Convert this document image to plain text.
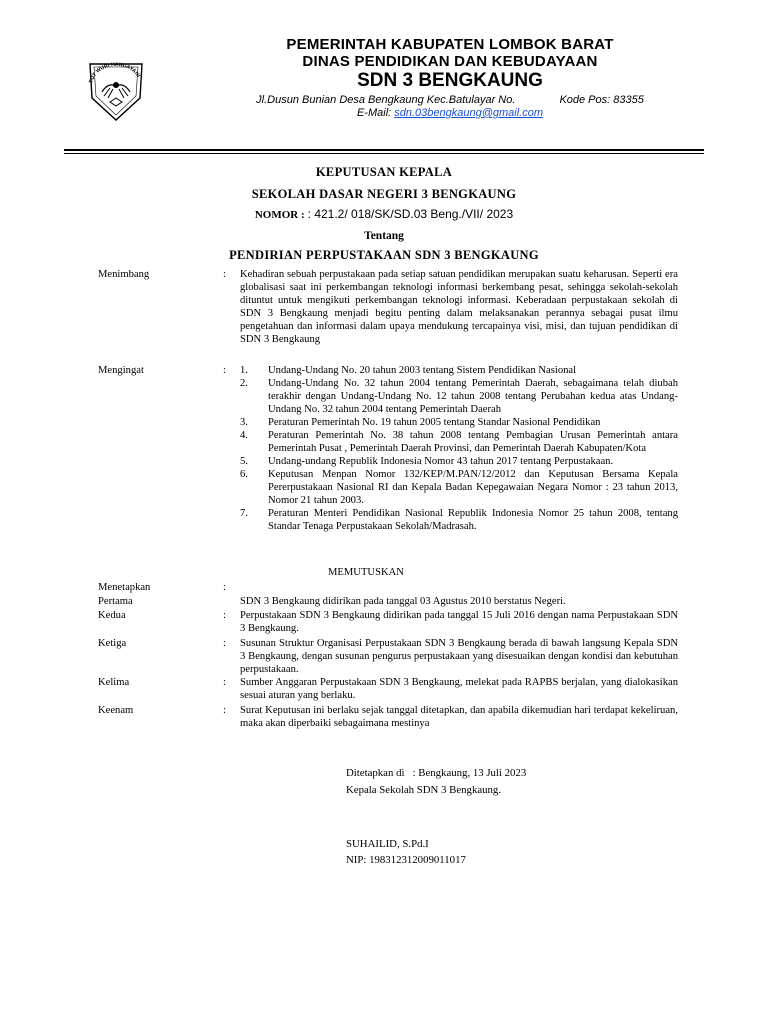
TUT WURI HANDAYANI
PEMERINTAH KABUPATEN LOMBOK BARAT
DINAS PENDIDIKAN DAN KEBUDAYAAN
SDN 3 BENGKAUNG
Jl.Dusun Bunian Desa Bengkaung Kec.Batulayar No.	Kode Pos: 83355
E-Mail: sdn.03bengkaung@gmail.com
KEPUTUSAN KEPALA
SEKOLAH DASAR NEGERI 3 BENGKAUNG
NOMOR : : 421.2/ 018/SK/SD.03 Beng./VII/ 2023
Tentang
PENDIRIAN PERPUSTAKAAN SDN 3 BENGKAUNG
Menimbang	: Kehadiran sebuah perpustakaan pada setiap satuan pendidikan merupakan suatu keharusan. Seperti era globalisasi saat ini perkembangan teknologi informasi berkembang pesat, sehingga sekolah-sekolah dituntut untuk mengikuti perkembangan teknologi informasi. Keberadaan perpustakaan sekolah di SDN 3 Bengkaung menjadi begitu penting dalam melaksanakan perannya sebagai pusat ilmu pengetahuan dan informasi dalam upaya mendukung tercapainya visi, misi, dan tujuan pendidikan di SDN 3 Bengkaung
Mengingat	: 1. Undang-Undang No. 20 tahun 2003 tentang Sistem Pendidikan Nasional
2. Undang-Undang No. 32 tahun 2004 tentang Pemerintah Daerah, sebagaimana telah diubah terakhir dengan Undang-Undang No. 12 tahun 2008 tentang Perubahan kedua atas Undang-Undang No. 32 tahun 2004 tentang Pemerintah Daerah
3. Peraturan Pemerintah No. 19 tahun 2005 tentang Standar Nasional Pendidikan
4. Peraturan Pemerintah No. 38 tahun 2008 tentang Pembagian Urusan Pemerintah antara Pemerintah Pusat , Pemerintah Daerah Provinsi, dan Pemerintah Daerah Kabupaten/Kota
5. Undang-undang Republik Indonesia Nomor 43 tahun 2017 tentang Perpustakaan.
6. Keputusan Menpan Nomor 132/KEP/M.PAN/12/2012 dan Keputusan Bersama Kepala Pererpustakaan Nasional RI dan Kepala Badan Kepegawaian Negara Nomor : 23 tahun 2013, Nomor 21 tahun 2003.
7. Peraturan Menteri Pendidikan Nasional Republik Indonesia Nomor 25 tahun 2008, tentang Standar Tenaga Perpustakaan Sekolah/Madrasah.
MEMUTUSKAN
Menetapkan	:
Pertama	SDN 3 Bengkaung didirikan pada tanggal 03 Agustus 2010 berstatus Negeri.
Kedua	: Perpustakaan SDN 3 Bengkaung didirikan pada tanggal 15 Juli 2016 dengan nama Perpustakaan SDN 3 Bengkaung.
Ketiga	: Susunan Struktur Organisasi Perpustakaan SDN 3 Bengkaung berada di bawah langsung Kepala SDN 3 Bengkaung, dengan susunan pengurus perpustakaan yang disesuaikan dengan kondisi dan kebutuhan perpustakaan.
Kelima	: Sumber Anggaran Perpustakaan SDN 3 Bengkaung, melekat pada RAPBS berjalan, yang dialokasikan sesuai aturan yang berlaku.
Keenam	: Surat Keputusan ini berlaku sejak tanggal ditetapkan, dan apabila dikemudian hari terdapat kekeliruan, maka akan diperbaiki sebagaimana mestinya
Ditetapkan di   : Bengkaung, 13 Juli 2023
Kepala Sekolah SDN 3 Bengkaung.
SUHAILID, S.Pd.I
NIP: 198312312009011017
